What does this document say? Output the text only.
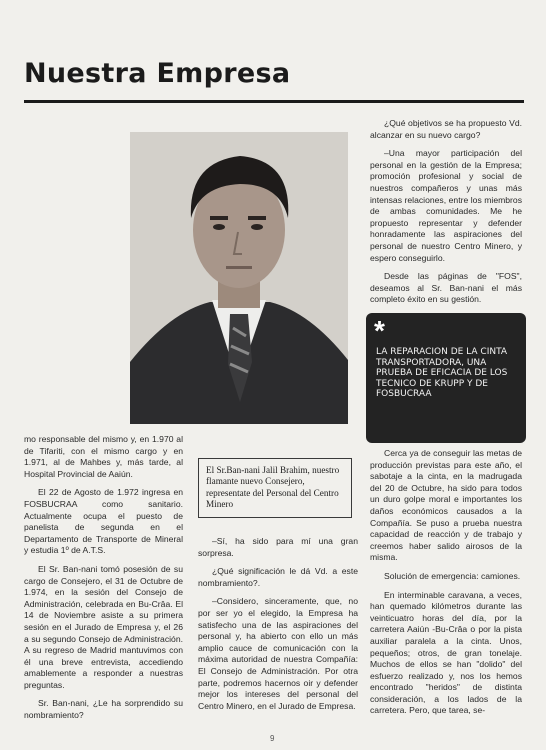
Nuestra Empresa

mo responsable del mismo y, en 1.970 al de Tifariti, con el mismo cargo y en 1.971, al de Mahbes y, más tarde, al Hospital Provincial de Aaiún.

El 22 de Agosto de 1.972 ingresa en FOSBUCRAA como sanitario. Actualmente ocupa el puesto de panelista de segunda en el Departamento de Transporte de Mineral y estudia 1º de A.T.S.

El Sr. Ban-nani tomó posesión de su cargo de Consejero, el 31 de Octubre de 1.974, en la sesión del Consejo de Administración, celebrada en Bu-Crâa. El 14 de Noviembre asiste a su primera sesión en el Jurado de Empresa y, el 26 a su segundo Consejo de Administración. A su regreso de Madrid mantuvimos con él una breve entrevista, accediendo amablemente a responder a nuestras preguntas.

Sr. Ban-nani, ¿Le ha sorprendido su nombramiento?

El Sr.Ban-nani Jalil Brahim, nuestro flamante nuevo Consejero, representate del Personal del Centro Minero

–Sí, ha sido para mí una gran sorpresa.

¿Qué significación le dá Vd. a este nombramiento?.

–Considero, sinceramente, que, no por ser yo el elegido, la Empresa ha satisfecho una de las aspiraciones del personal y, ha abierto con ello un más amplio cauce de comunicación con la máxima autoridad de nuestra Compañía: El Consejo de Administración. Por otra parte, podremos hacernos oir y defender mejor los intereses del personal del Centro Minero, en el Jurado de Empresa.

¿Qué objetivos se ha propuesto Vd. alcanzar en su nuevo cargo?

–Una mayor participación del personal en la gestión de la Empresa; promoción profesional y social de nuestros compañeros y unas más intensas relaciones, entre los miembros de ambas comunidades. Me he propuesto representar y defender honradamente las aspiraciones del personal de nuestro Centro Minero, y espero conseguirlo.

Desde las páginas de "FOS", deseamos al Sr. Ban-nani el más completo éxito en su gestión.

*
LA REPARACION DE LA CINTA TRANSPORTADORA, UNA PRUEBA DE EFICACIA DE LOS TECNICO DE KRUPP Y DE FOSBUCRAA

Cerca ya de conseguir las metas de producción previstas para este año, el sabotaje a la cinta, en la madrugada del 20 de Octubre, ha sido para todos un duro golpe moral e importantes los daños económicos causados a la Compañía. Se puso a prueba nuestra capacidad de reacción y de trabajo y creemos haber salido airosos de la misma.

Solución de emergencia: camiones.

En interminable caravana, a veces, han quemado kilómetros durante las veinticuatro horas del día, por la carretera Aaiún -Bu-Crâa o por la pista auxiliar paralela a la cinta. Unos, pequeños; otros, de gran tonelaje. Muchos de ellos se han "dolido" del esfuerzo realizado y, nos los hemos encontrado "heridos" de distinta consideración, a los lados de la carretera. Pero, que tarea, se-

9
